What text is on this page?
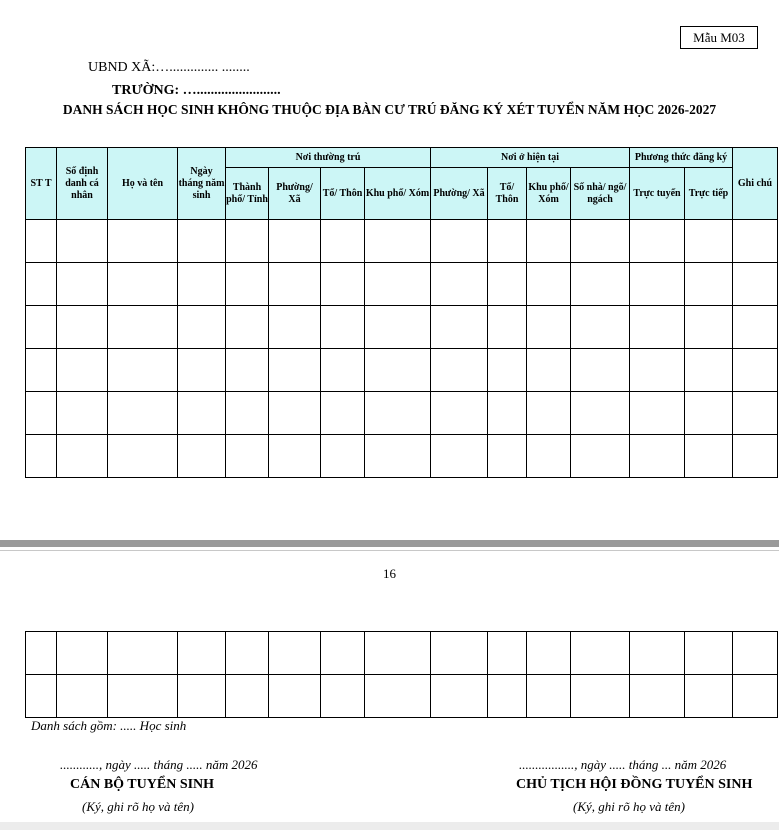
Mẫu M03
UBND XÃ:….............. ........
TRƯỜNG: …........................
DANH SÁCH HỌC SINH KHÔNG THUỘC ĐỊA BÀN CƯ TRÚ ĐĂNG KÝ XÉT TUYỂN NĂM HỌC 2026-2027
ST T	Số định danh cá nhân	Họ và tên	Ngày tháng năm sinh	Nơi thường trú				Nơi ở hiện tại				Phương thức đăng ký		Ghi chú
				Thành phố/ Tỉnh	Phường/ Xã	Tổ/ Thôn	Khu phố/ Xóm	Phường/ Xã	Tổ/ Thôn	Khu phố/ Xóm	Số nhà/ ngõ/ ngách	Trực tuyến	Trực tiếp	

16

Danh sách gồm: ..... Học sinh
............, ngày ..... tháng ..... năm 2026	................., ngày ..... tháng ... năm 2026
CÁN BỘ TUYỂN SINH	CHỦ TỊCH HỘI ĐỒNG TUYỂN SINH
(Ký, ghi rõ họ và tên)	(Ký, ghi rõ họ và tên)
